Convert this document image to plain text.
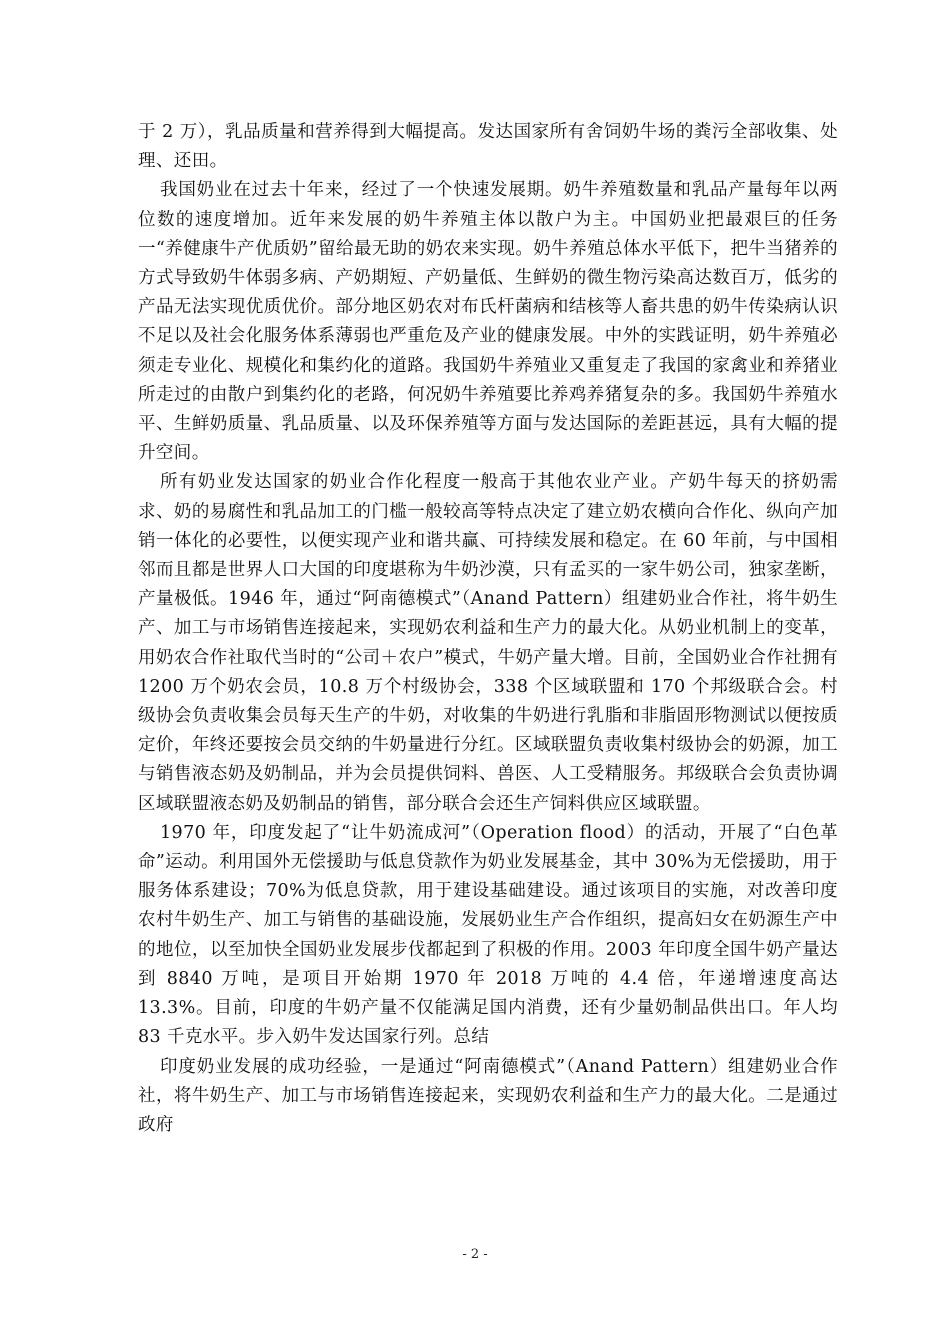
于 2 万），乳品质量和营养得到大幅提高。发达国家所有舍饲奶牛场的粪污全部收集、处理、还田。

我国奶业在过去十年来，经过了一个快速发展期。奶牛养殖数量和乳品产量每年以两位数的速度增加。近年来发展的奶牛养殖主体以散户为主。中国奶业把最艰巨的任务一“养健康牛产优质奶”留给最无助的奶农来实现。奶牛养殖总体水平低下，把牛当猪养的方式导致奶牛体弱多病、产奶期短、产奶量低、生鲜奶的微生物污染高达数百万，低劣的产品无法实现优质优价。部分地区奶农对布氏杆菌病和结核等人畜共患的奶牛传染病认识不足以及社会化服务体系薄弱也严重危及产业的健康发展。中外的实践证明，奶牛养殖必须走专业化、规模化和集约化的道路。我国奶牛养殖业又重复走了我国的家禽业和养猪业所走过的由散户到集约化的老路，何况奶牛养殖要比养鸡养猪复杂的多。我国奶牛养殖水平、生鲜奶质量、乳品质量、以及环保养殖等方面与发达国际的差距甚远，具有大幅的提升空间。

所有奶业发达国家的奶业合作化程度一般高于其他农业产业。产奶牛每天的挤奶需求、奶的易腐性和乳品加工的门槛一般较高等特点决定了建立奶农横向合作化、纵向产加销一体化的必要性，以便实现产业和谐共赢、可持续发展和稳定。在 60 年前，与中国相邻而且都是世界人口大国的印度堪称为牛奶沙漠，只有孟买的一家牛奶公司，独家垄断，产量极低。1946 年，通过“阿南德模式”（Anand Pattern）组建奶业合作社，将牛奶生产、加工与市场销售连接起来，实现奶农利益和生产力的最大化。从奶业机制上的变革，用奶农合作社取代当时的“公司＋农户”模式，牛奶产量大增。目前，全国奶业合作社拥有 1200 万个奶农会员，10.8 万个村级协会，338 个区域联盟和 170 个邦级联合会。村级协会负责收集会员每天生产的牛奶，对收集的牛奶进行乳脂和非脂固形物测试以便按质定价，年终还要按会员交纳的牛奶量进行分红。区域联盟负责收集村级协会的奶源，加工与销售液态奶及奶制品，并为会员提供饲料、兽医、人工受精服务。邦级联合会负责协调区域联盟液态奶及奶制品的销售，部分联合会还生产饲料供应区域联盟。

1970 年，印度发起了“让牛奶流成河”（Operation flood）的活动，开展了“白色革命”运动。利用国外无偿援助与低息贷款作为奶业发展基金，其中 30%为无偿援助，用于服务体系建设；70%为低息贷款，用于建设基础建设。通过该项目的实施，对改善印度农村牛奶生产、加工与销售的基础设施，发展奶业生产合作组织，提高妇女在奶源生产中的地位，以至加快全国奶业发展步伐都起到了积极的作用。2003 年印度全国牛奶产量达到 8840 万吨，是项目开始期 1970 年 2018 万吨的 4.4 倍，年递增速度高达 13.3%。目前，印度的牛奶产量不仅能满足国内消费，还有少量奶制品供出口。年人均 83 千克水平。步入奶牛发达国家行列。总结

印度奶业发展的成功经验，一是通过“阿南德模式”（Anand Pattern）组建奶业合作社，将牛奶生产、加工与市场销售连接起来，实现奶农利益和生产力的最大化。二是通过政府

- 2 -
